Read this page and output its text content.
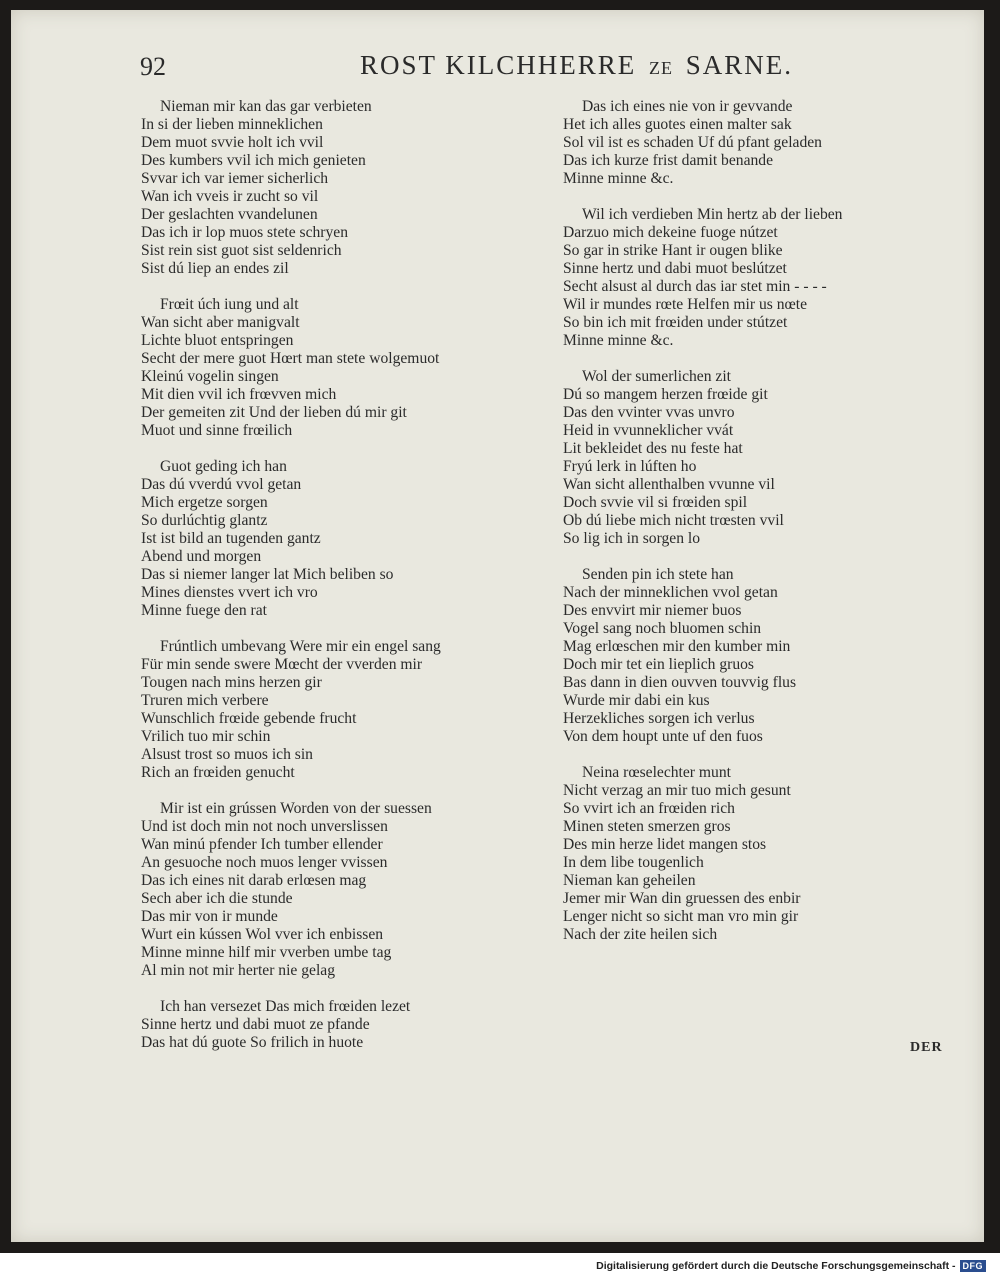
92	ROST KILCHHERRE ZE SARNE.
Nieman mir kan das gar verbieten
In si der lieben minneklichen
Dem muot svvie holt ich vvil
Des kumbers vvil ich mich genieten
Svvar ich var iemer sicherlich
Wan ich vveis ir zucht so vil
Der geslachten vvandelunen
Das ich ir lop muos stete schryen
Sist rein sist guot sist seldenrich
Sist dú liep an endes zil
Frœit úch iung und alt
Wan sicht aber manigvalt
Lichte bluot entspringen
Secht der mere guot Hœrt man stete wolgemuot
Kleinú vogelin singen
Mit dien vvil ich frœvven mich
Der gemeiten zit Und der lieben dú mir git
Muot und sinne frœilich
Guot geding ich han
Das dú vverdú vvol getan
Mich ergetze sorgen
So durlúchtig glantz
Ist ist bild an tugenden gantz
Abend und morgen
Das si niemer langer lat Mich beliben so
Mines dienstes vvert ich vro
Minne fuege den rat
Frúntlich umbevang Were mir ein engel sang
Für min sende swere Mœcht der vverden mir
Tougen nach mins herzen gir
Truren mich verbere
Wunschlich frœide gebende frucht
Vrilich tuo mir schin
Alsust trost so muos ich sin
Rich an frœiden genucht
Mir ist ein grússen Worden von der suessen
Und ist doch min not noch unverslissen
Wan minú pfender Ich tumber ellender
An gesuoche noch muos lenger vvissen
Das ich eines nit darab erlœsen mag
Sech aber ich die stunde
Das mir von ir munde
Wurt ein kússen Wol vver ich enbissen
Minne minne hilf mir vverben umbe tag
Al min not mir herter nie gelag
Ich han versezet Das mich frœiden lezet
Sinne hertz und dabi muot ze pfande
Das hat dú guote So frilich in huote
Das ich eines nie von ir gevvande
Het ich alles guotes einen malter sak
Sol vil ist es schaden Uf dú pfant geladen
Das ich kurze frist damit benande
Minne minne &c.
Wil ich verdieben Min hertz ab der lieben
Darzuo mich dekeine fuoge nútzet
So gar in strike Hant ir ougen blike
Sinne hertz und dabi muot beslútzet
Secht alsust al durch das iar stet min - - - -
Wil ir mundes rœte Helfen mir us nœte
So bin ich mit frœiden under stútzet
Minne minne &c.
Wol der sumerlichen zit
Dú so mangem herzen frœide git
Das den vvinter vvas unvro
Heid in vvunneklicher vvát
Lit bekleidet des nu feste hat
Fryú lerk in lúften ho
Wan sicht allenthalben vvunne vil
Doch svvie vil si frœiden spil
Ob dú liebe mich nicht trœsten vvil
So lig ich in sorgen lo
Senden pin ich stete han
Nach der minneklichen vvol getan
Des envvirt mir niemer buos
Vogel sang noch bluomen schin
Mag erlœschen mir den kumber min
Doch mir tet ein lieplich gruos
Bas dann in dien ouvven touvvig flus
Wurde mir dabi ein kus
Herzekliches sorgen ich verlus
Von dem houpt unte uf den fuos
Neina rœselechter munt
Nicht verzag an mir tuo mich gesunt
So vvirt ich an frœiden rich
Minen steten smerzen gros
Des min herze lidet mangen stos
In dem libe tougenlich
Nieman kan geheilen
Jemer mir Wan din gruessen des enbir
Lenger nicht so sicht man vro min gir
Nach der zite heilen sich
DER
Digitalisierung gefördert durch die Deutsche Forschungsgemeinschaft - DFG
